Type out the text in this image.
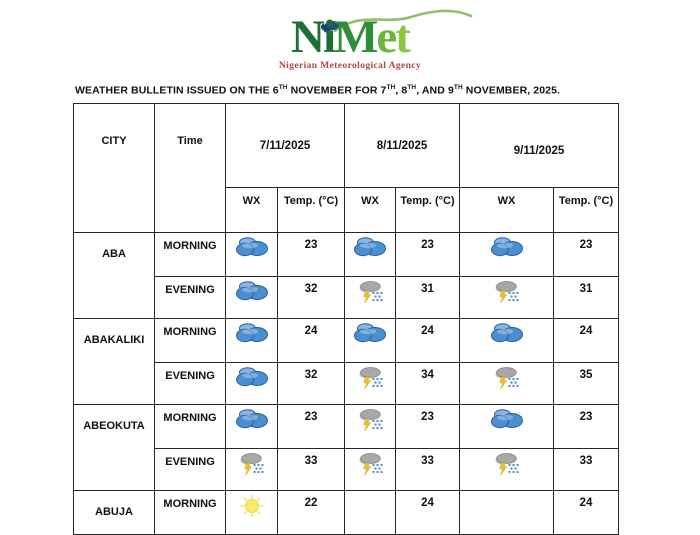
NiMet
Nigerian Meteorological Agency
WEATHER BULLETIN ISSUED ON THE 6TH NOVEMBER FOR 7TH, 8TH, AND 9TH NOVEMBER, 2025.
CITY	Time	7/11/2025		8/11/2025		9/11/2025	
		WX	Temp. (°C)	WX	Temp. (°C)	WX	Temp. (°C)
ABA	MORNING		23		23		23
	EVENING		32		31		31
ABAKALIKI	MORNING		24		24		24
	EVENING		32		34		35
ABEOKUTA	MORNING		23		23		23
	EVENING		33		33		33
ABUJA	MORNING		22		24		24
